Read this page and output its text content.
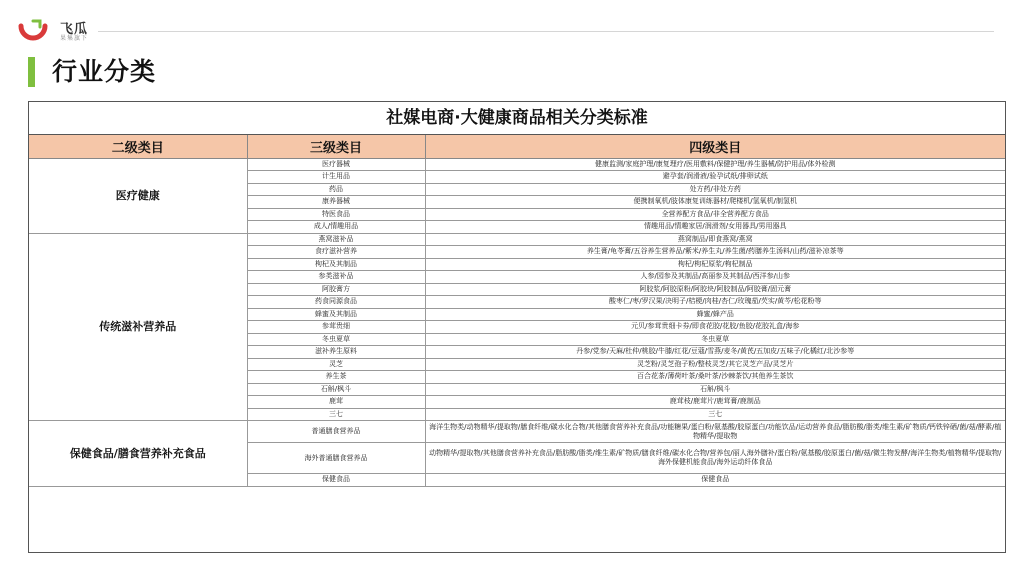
飞瓜
果集旗下
行业分类
社媒电商·大健康商品相关分类标准
二级类目	三级类目	四级类目
医疗健康	医疗器械	健康监测/家庭护理/康复理疗/医用敷料/保健护理/养生器械/防护用品/体外检测
	计生用品	避孕套/润滑液/验孕试纸/排卵试纸
	药品	处方药/非处方药
	康养器械	便携制氧机/肢体康复训练器材/爬楼机/氢氧机/制氢机
	特医食品	全营养配方食品/非全营养配方食品
	成人/情趣用品	情趣用品/情趣家居/润滑剂/女用器具/男用器具
传统滋补营养品	燕窝滋补品	燕窝制品/即食燕窝/燕窝
	食疗滋补营养	养生膏/龟苓膏/五谷养生营养品/紫米/养生丸/养生菌/药膳养生汤料/山药/滋补凉茶等
	枸杞及其制品	枸杞/枸杞原浆/枸杞制品
	参类滋补品	人参/园参及其制品/高丽参及其制品/西洋参/山参
	阿胶膏方	阿胶浆/阿胶原粉/阿胶块/阿胶制品/阿胶膏/固元膏
	药食同源食品	酸枣仁/枣/罗汉果/决明子/桔梗/肉桂/杏仁/玫瑰茄/芡实/黄芩/松花粉等
	蜂蜜及其制品	蜂蜜/蜂产品
	参茸贵细	元贝/参茸贵细卡券/即食花胶/花胶/鱼胶/花胶礼盒/海参
	冬虫夏草	冬虫夏草
	滋补养生原料	丹参/党参/天麻/杜仲/桃胶/牛膝/红花/豆蔻/雪燕/麦冬/黄芪/五加皮/五味子/化橘红/北沙参等
	灵芝	灵芝粉/灵芝孢子粉/整枝灵芝/其它灵芝产品/灵芝片
	养生茶	百合花茶/薄荷叶茶/桑叶茶/沙棘茶饮/其他养生茶饮
	石斛/枫斗	石斛/枫斗
	鹿茸	鹿茸枝/鹿茸片/鹿茸膏/鹿制品
	三七	三七
保健食品/膳食营养补充食品	普通膳食营养品	海洋生物类/动物精华/提取物/膳食纤维/碳水化合物/其他膳食营养补充食品/功能糖果/蛋白粉/氨基酸/胶原蛋白/功能饮品/运动营养食品/脂肪酸/脂类/维生素/矿物质/钙铁锌硒/菌/菇/酵素/植物精华/提取物
	海外普通膳食营养品	动物精华/提取物/其他膳食营养补充食品/脂肪酸/脂类/维生素/矿物质/膳食纤维/碳水化合物/营养包/丽人海外膳补/蛋白粉/氨基酸/胶原蛋白/菌/菇/微生物发酵/海洋生物类/植物精华/提取物/海外保健机能食品/海外运动纤体食品
	保健食品	保健食品
